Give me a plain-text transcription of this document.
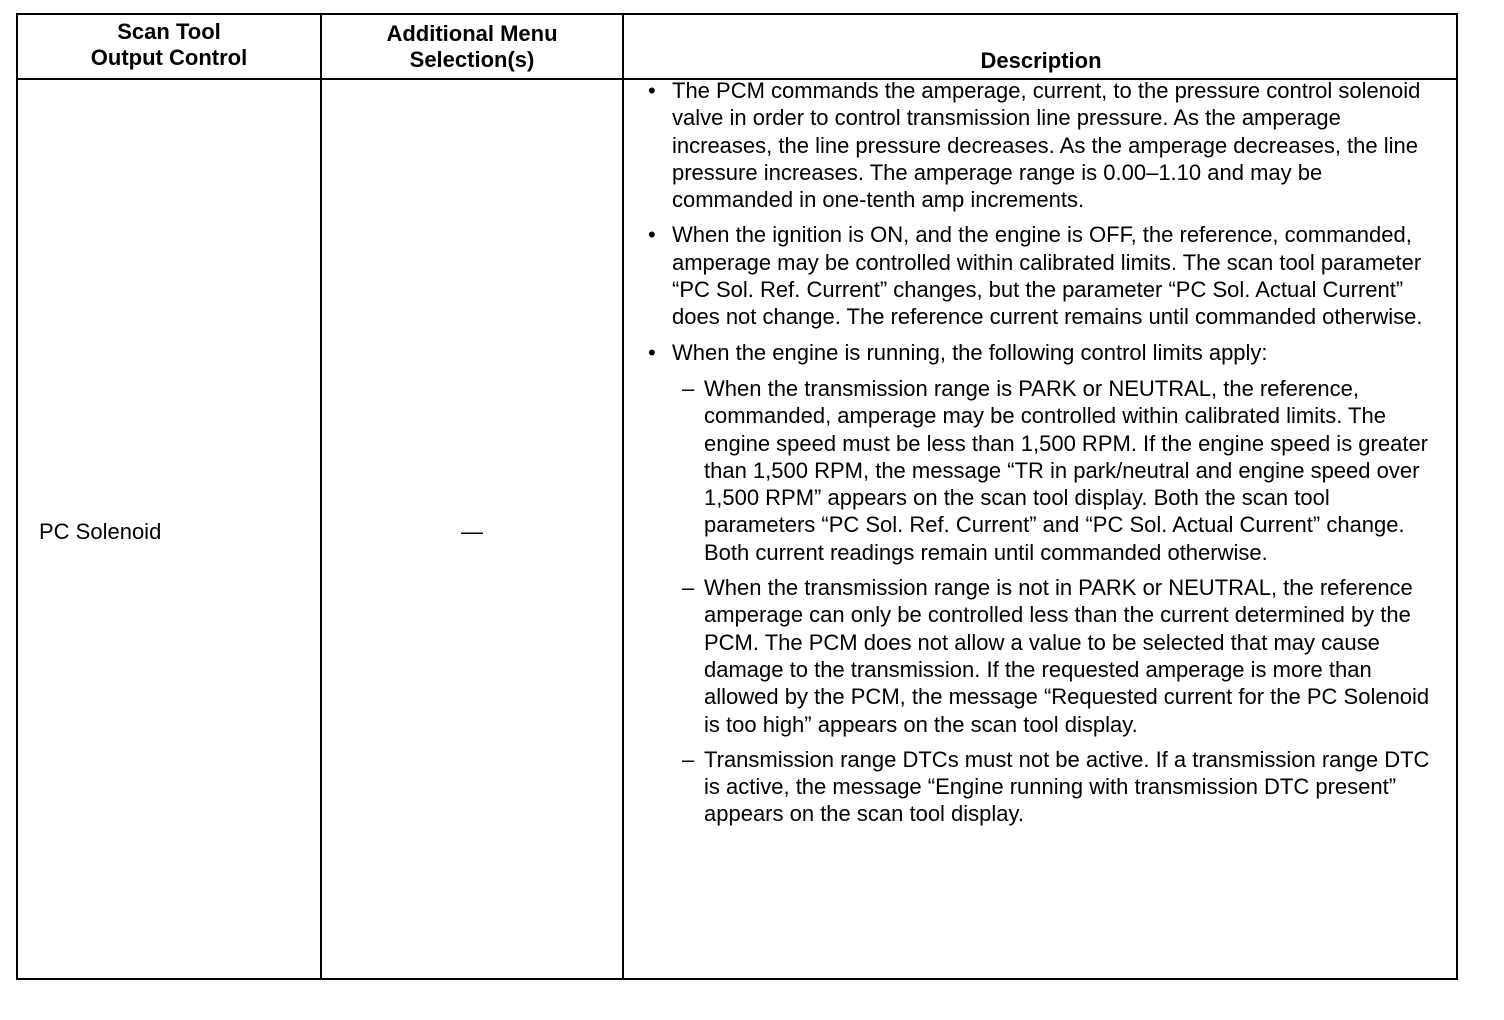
Scan Tool
Output Control
Additional Menu
Selection(s)	Description
PC Solenoid	—
• The PCM commands the amperage, current, to the pressure control solenoid valve in order to control transmission line pressure. As the amperage increases, the line pressure decreases. As the amperage decreases, the line pressure increases. The amperage range is 0.00–1.10 and may be commanded in one-tenth amp increments.
• When the ignition is ON, and the engine is OFF, the reference, commanded, amperage may be controlled within calibrated limits. The scan tool parameter “PC Sol. Ref. Current” changes, but the parameter “PC Sol. Actual Current” does not change. The reference current remains until commanded otherwise.
• When the engine is running, the following control limits apply:
– When the transmission range is PARK or NEUTRAL, the reference, commanded, amperage may be controlled within calibrated limits. The engine speed must be less than 1,500 RPM. If the engine speed is greater than 1,500 RPM, the message “TR in park/neutral and engine speed over 1,500 RPM” appears on the scan tool display. Both the scan tool parameters “PC Sol. Ref. Current” and “PC Sol. Actual Current” change. Both current readings remain until commanded otherwise.
– When the transmission range is not in PARK or NEUTRAL, the reference amperage can only be controlled less than the current determined by the PCM. The PCM does not allow a value to be selected that may cause damage to the transmission. If the requested amperage is more than allowed by the PCM, the message “Requested current for the PC Solenoid is too high” appears on the scan tool display.
– Transmission range DTCs must not be active. If a transmission range DTC is active, the message “Engine running with transmission DTC present” appears on the scan tool display.
